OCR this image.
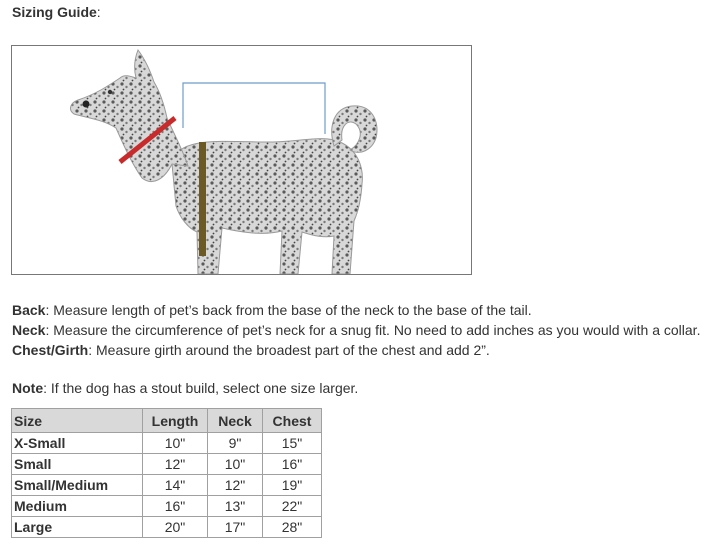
Sizing Guide:

Back: Measure length of pet’s back from the base of the neck to the base of the tail.

Neck: Measure the circumference of pet’s neck for a snug fit. No need to add inches as you would with a collar.

Chest/Girth: Measure girth around the broadest part of the chest and add 2”.

Note: If the dog has a stout build, select one size larger.
Size	Length	Neck	Chest
X-Small	10"	9"	15"
Small	12"	10"	16"
Small/Medium	14"	12"	19"
Medium	16"	13"	22"
Large	20"	17"	28"
